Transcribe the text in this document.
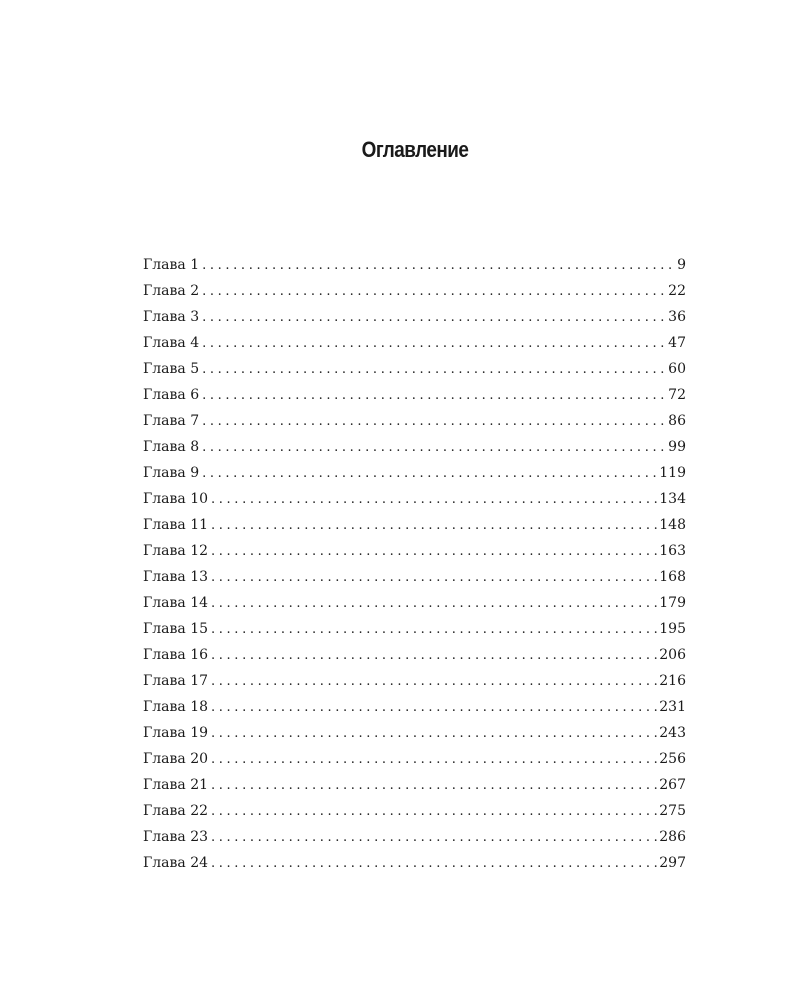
Оглавление
Глава 1 . . .	9
Глава 2 . . .	22
Глава 3 . . .	36
Глава 4 . . .	47
Глава 5 . . .	60
Глава 6 . . .	72
Глава 7 . . .	86
Глава 8 . . .	99
Глава 9 . . .	119
Глава 10 . . .	134
Глава 11 . . .	148
Глава 12 . . .	163
Глава 13 . . .	168
Глава 14 . . .	179
Глава 15 . . .	195
Глава 16 . . .	206
Глава 17 . . .	216
Глава 18 . . .	231
Глава 19 . . .	243
Глава 20 . . .	256
Глава 21 . . .	267
Глава 22 . . .	275
Глава 23 . . .	286
Глава 24 . . .	297
